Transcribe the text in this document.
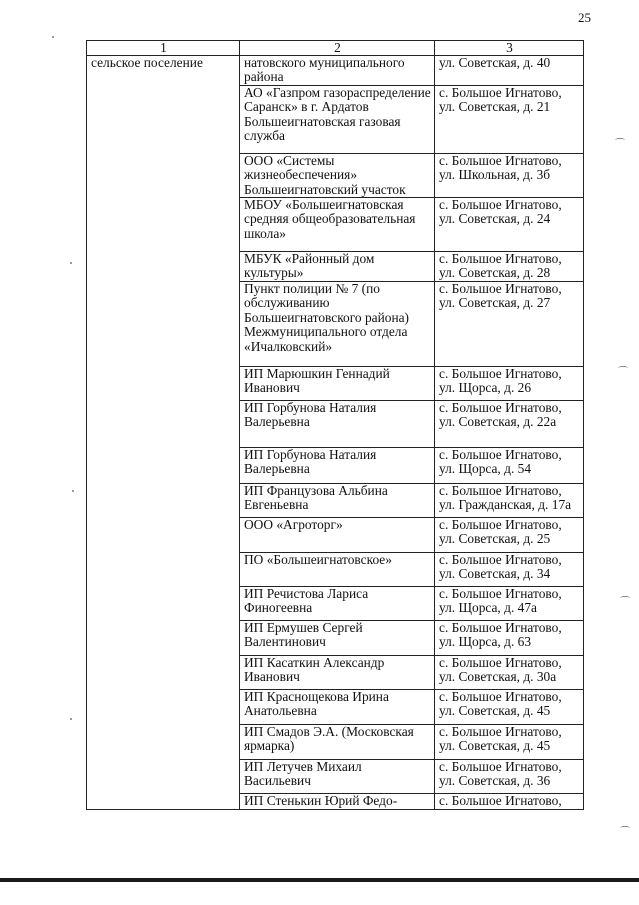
25
1	2	3
сельское поселение	натовского муниципального района	ул. Советская, д. 40
	АО «Газпром газораспределение Саранск» в г. Ардатов Большеигнатовская газовая служба	с. Большое Игнатово, ул. Советская, д. 21
	ООО «Системы жизнеобеспечения» Большеигнатовский участок	с. Большое Игнатово, ул. Школьная, д. 3б
	МБОУ «Большеигнатовская средняя общеобразовательная школа»	с. Большое Игнатово, ул. Советская, д. 24
	МБУК «Районный дом культуры»	с. Большое Игнатово, ул. Советская, д. 28
	Пункт полиции № 7 (по обслуживанию Большеигнатовского района) Межмуниципального отдела «Ичалковский»	с. Большое Игнатово, ул. Советская, д. 27
	ИП Марюшкин Геннадий Иванович	с. Большое Игнатово, ул. Щорса, д. 26
	ИП Горбунова Наталия Валерьевна	с. Большое Игнатово, ул. Советская, д. 22а
	ИП Горбунова Наталия Валерьевна	с. Большое Игнатово, ул. Щорса, д. 54
	ИП Французова Альбина Евгеньевна	с. Большое Игнатово, ул. Гражданская, д. 17а
	ООО «Агроторг»	с. Большое Игнатово, ул. Советская, д. 25
	ПО «Большеигнатовское»	с. Большое Игнатово, ул. Советская, д. 34
	ИП Речистова Лариса Финогеевна	с. Большое Игнатово, ул. Щорса, д. 47а
	ИП Ермушев Сергей Валентинович	с. Большое Игнатово, ул. Щорса, д. 63
	ИП Касаткин Александр Иванович	с. Большое Игнатово, ул. Советская, д. 30а
	ИП Краснощекова Ирина Анатольевна	с. Большое Игнатово, ул. Советская, д. 45
	ИП Смадов Э.А. (Московская ярмарка)	с. Большое Игнатово, ул. Советская, д. 45
	ИП Летучев Михаил Васильевич	с. Большое Игнатово, ул. Советская, д. 36
	ИП Стенькин Юрий Федо-	с. Большое Игнатово,
⌒
⌒
⌒
⌒
